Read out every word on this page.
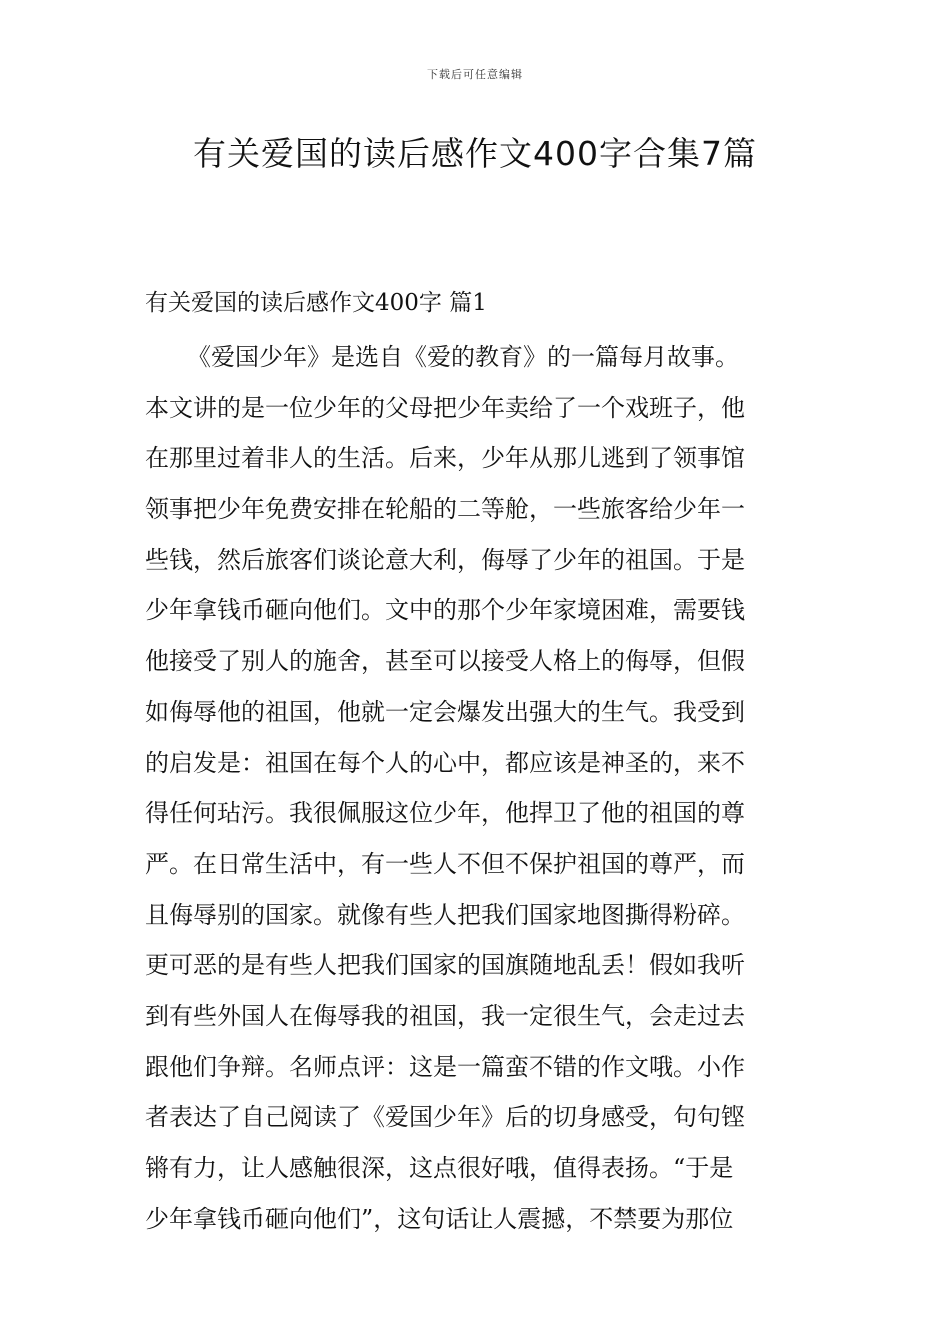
下载后可任意编辑
有关爱国的读后感作文400字合集7篇
有关爱国的读后感作文400字 篇1
《爱国少年》是选自《爱的教育》的一篇每月故事。
本文讲的是一位少年的父母把少年卖给了一个戏班子，他
在那里过着非人的生活。后来，少年从那儿逃到了领事馆
领事把少年免费安排在轮船的二等舱，一些旅客给少年一
些钱，然后旅客们谈论意大利，侮辱了少年的祖国。于是
少年拿钱币砸向他们。文中的那个少年家境困难，需要钱
他接受了别人的施舍，甚至可以接受人格上的侮辱，但假
如侮辱他的祖国，他就一定会爆发出强大的生气。我受到
的启发是：祖国在每个人的心中，都应该是神圣的，来不
得任何玷污。我很佩服这位少年，他捍卫了他的祖国的尊
严。在日常生活中，有一些人不但不保护祖国的尊严，而
且侮辱别的国家。就像有些人把我们国家地图撕得粉碎。
更可恶的是有些人把我们国家的国旗随地乱丢！假如我听
到有些外国人在侮辱我的祖国，我一定很生气，会走过去
跟他们争辩。名师点评：这是一篇蛮不错的作文哦。小作
者表达了自己阅读了《爱国少年》后的切身感受，句句铿
锵有力，让人感触很深，这点很好哦，值得表扬。“于是
少年拿钱币砸向他们”，这句话让人震撼，不禁要为那位
